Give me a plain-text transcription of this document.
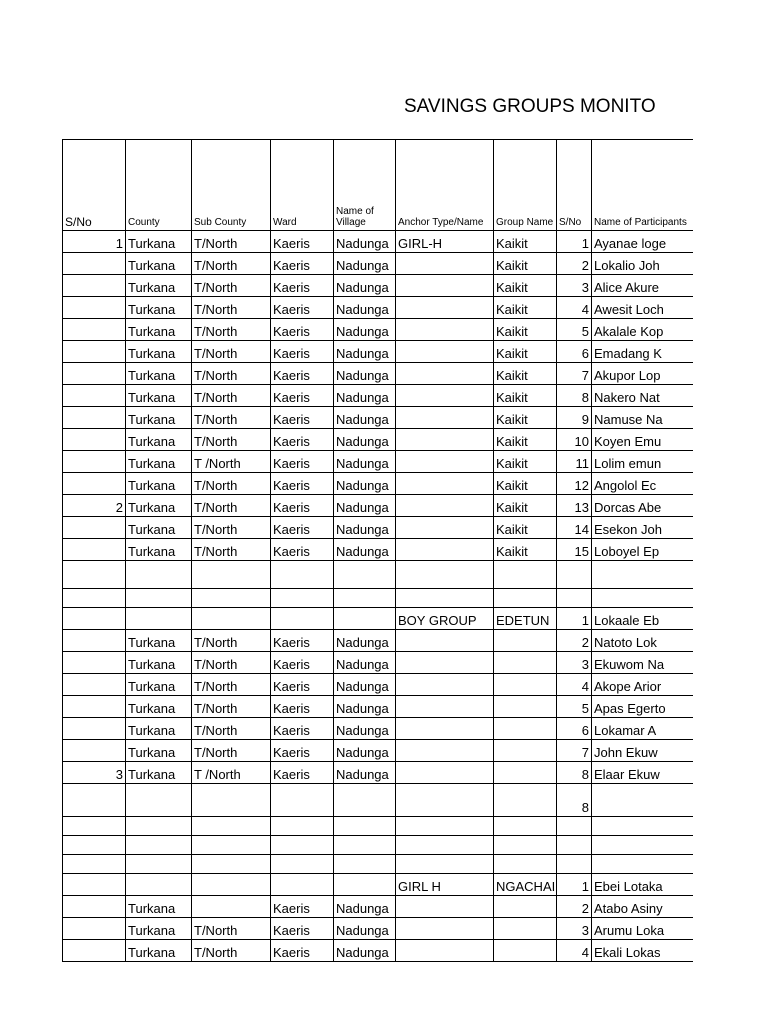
SAVINGS GROUPS MONITO
S/No	County	Sub County	Ward	Name of Village	Anchor Type/Name	Group Name	S/No	Name of Participants
1	Turkana	T/North	Kaeris	Nadunga	GIRL-H	Kaikit	1	Ayanae loge
	Turkana	T/North	Kaeris	Nadunga		Kaikit	2	Lokalio Joh
	Turkana	T/North	Kaeris	Nadunga		Kaikit	3	Alice Akure
	Turkana	T/North	Kaeris	Nadunga		Kaikit	4	Awesit Loch
	Turkana	T/North	Kaeris	Nadunga		Kaikit	5	Akalale Kop
	Turkana	T/North	Kaeris	Nadunga		Kaikit	6	Emadang K
	Turkana	T/North	Kaeris	Nadunga		Kaikit	7	Akupor Lop
	Turkana	T/North	Kaeris	Nadunga		Kaikit	8	Nakero Nat
	Turkana	T/North	Kaeris	Nadunga		Kaikit	9	Namuse Na
	Turkana	T/North	Kaeris	Nadunga		Kaikit	10	Koyen Emu
	Turkana	T /North	Kaeris	Nadunga		Kaikit	11	Lolim emun
	Turkana	T/North	Kaeris	Nadunga		Kaikit	12	Angolol Ec
2	Turkana	T/North	Kaeris	Nadunga		Kaikit	13	Dorcas Abe
	Turkana	T/North	Kaeris	Nadunga		Kaikit	14	Esekon Joh
	Turkana	T/North	Kaeris	Nadunga		Kaikit	15	Loboyel Ep

					BOY GROUP	EDETUN	1	Lokaale Eb
	Turkana	T/North	Kaeris	Nadunga			2	Natoto Lok
	Turkana	T/North	Kaeris	Nadunga			3	Ekuwom Na
	Turkana	T/North	Kaeris	Nadunga			4	Akope Arior
	Turkana	T/North	Kaeris	Nadunga			5	Apas Egerto
	Turkana	T/North	Kaeris	Nadunga			6	Lokamar A
	Turkana	T/North	Kaeris	Nadunga			7	John Ekuw
3	Turkana	T /North	Kaeris	Nadunga			8	Elaar Ekuw
							8	

					GIRL H	NGACHAI	1	Ebei Lotaka
	Turkana		Kaeris	Nadunga			2	Atabo Asiny
	Turkana	T/North	Kaeris	Nadunga			3	Arumu Loka
	Turkana	T/North	Kaeris	Nadunga			4	Ekali Lokas
